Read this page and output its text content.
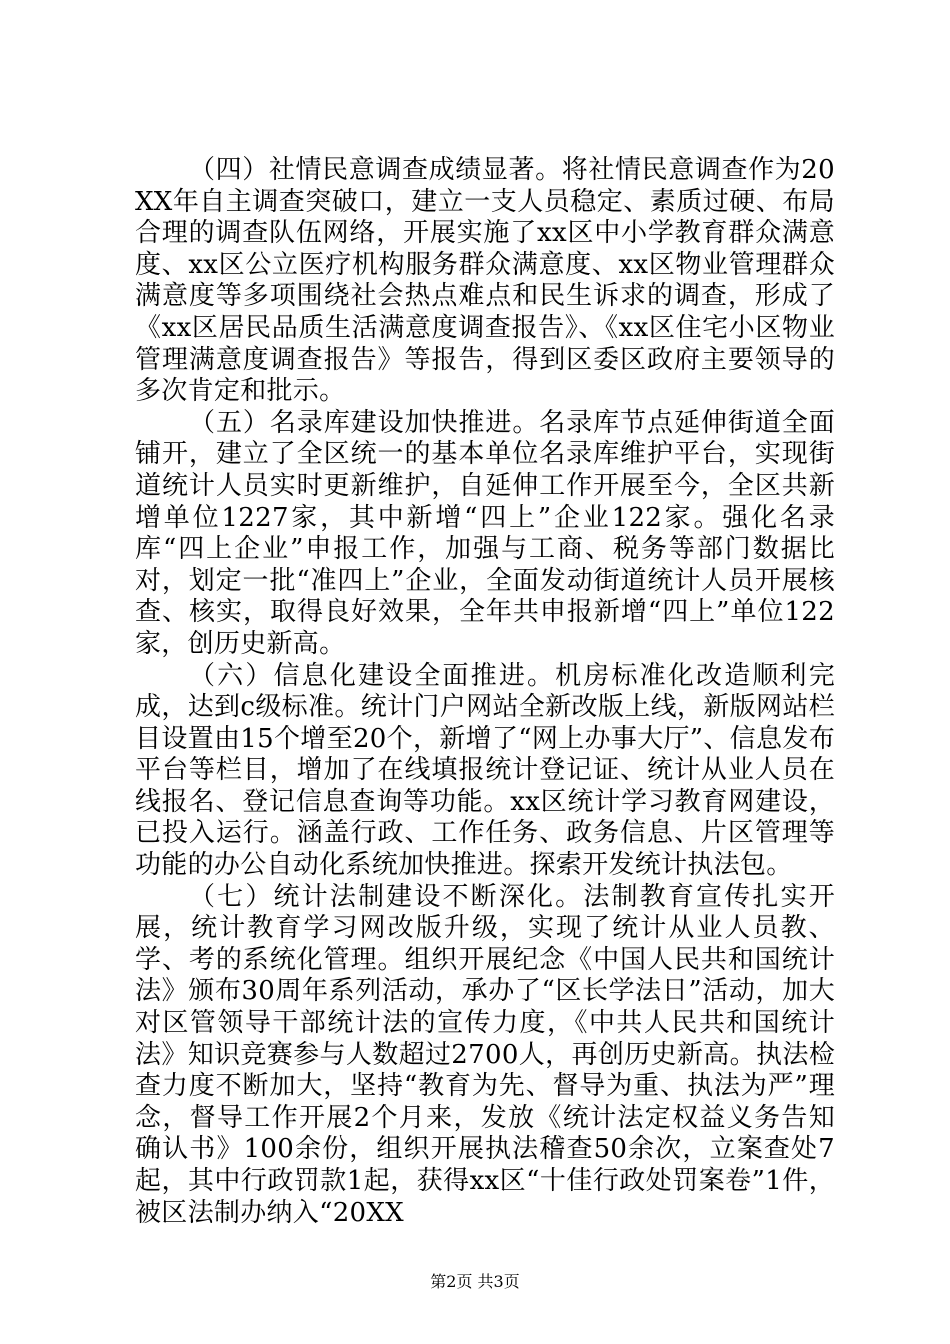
（四）社情民意调查成绩显著。将社情民意调查作为20XX年自主调查突破口，建立一支人员稳定、素质过硬、布局合理的调查队伍网络，开展实施了xx区中小学教育群众满意度、xx区公立医疗机构服务群众满意度、xx区物业管理群众满意度等多项围绕社会热点难点和民生诉求的调查，形成了《xx区居民品质生活满意度调查报告》、《xx区住宅小区物业管理满意度调查报告》等报告，得到区委区政府主要领导的多次肯定和批示。

（五）名录库建设加快推进。名录库节点延伸街道全面铺开，建立了全区统一的基本单位名录库维护平台，实现街道统计人员实时更新维护，自延伸工作开展至今，全区共新增单位1227家，其中新增“四上”企业122家。强化名录库“四上企业”申报工作，加强与工商、税务等部门数据比对，划定一批“准四上”企业，全面发动街道统计人员开展核查、核实，取得良好效果，全年共申报新增“四上”单位122家，创历史新高。

（六）信息化建设全面推进。机房标准化改造顺利完成，达到c级标准。统计门户网站全新改版上线，新版网站栏目设置由15个增至20个，新增了“网上办事大厅”、信息发布平台等栏目，增加了在线填报统计登记证、统计从业人员在线报名、登记信息查询等功能。xx区统计学习教育网建设，已投入运行。涵盖行政、工作任务、政务信息、片区管理等功能的办公自动化系统加快推进。探索开发统计执法包。

（七）统计法制建设不断深化。法制教育宣传扎实开展，统计教育学习网改版升级，实现了统计从业人员教、学、考的系统化管理。组织开展纪念《中国人民共和国统计法》颁布30周年系列活动，承办了“区长学法日”活动，加大对区管领导干部统计法的宣传力度，《中共人民共和国统计法》知识竞赛参与人数超过2700人，再创历史新高。执法检查力度不断加大，坚持“教育为先、督导为重、执法为严”理念，督导工作开展2个月来，发放《统计法定权益义务告知确认书》100余份，组织开展执法稽查50余次，立案查处7起，其中行政罚款1起，获得xx区“十佳行政处罚案卷”1件，被区法制办纳入“20XX

第2页 共3页
